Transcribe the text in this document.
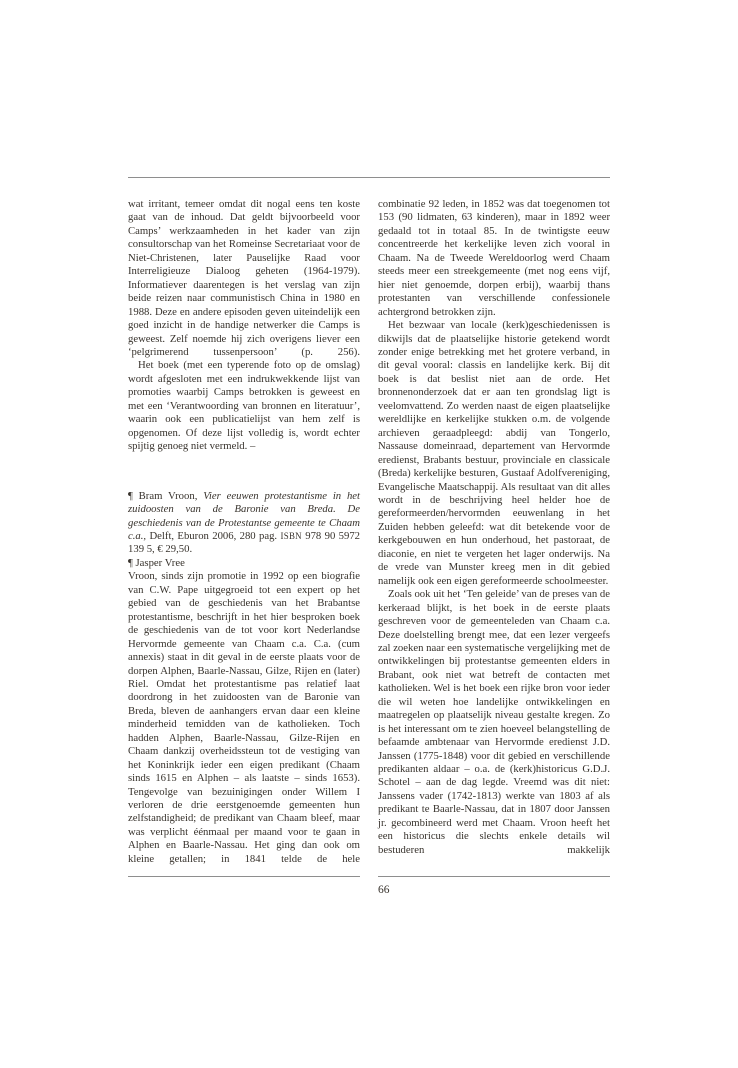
wat irritant, temeer omdat dit nogal eens ten koste gaat van de inhoud. Dat geldt bijvoorbeeld voor Camps’ werkzaamheden in het kader van zijn consultorschap van het Romeinse Secretariaat voor de Niet-Christenen, later Pauselijke Raad voor Interreligieuze Dialoog geheten (1964-1979). Informatiever daarentegen is het verslag van zijn beide reizen naar communistisch China in 1980 en 1988. Deze en andere episoden geven uiteindelijk een goed inzicht in de handige netwerker die Camps is geweest. Zelf noemde hij zich overigens liever een ‘pelgrimerend tussenpersoon’ (p. 256).

Het boek (met een typerende foto op de omslag) wordt afgesloten met een indrukwekkende lijst van promoties waarbij Camps betrokken is geweest en met een ‘Verantwoording van bronnen en literatuur’, waarin ook een publicatielijst van hem zelf is opgenomen. Of deze lijst volledig is, wordt echter spijtig genoeg niet vermeld. –

¶ Bram Vroon, Vier eeuwen protestantisme in het zuidoosten van de Baronie van Breda. De geschiedenis van de Protestantse gemeente te Chaam c.a., Delft, Eburon 2006, 280 pag. ISBN 978 90 5972 139 5, € 29,50.

¶ Jasper Vree

Vroon, sinds zijn promotie in 1992 op een biografie van C.W. Pape uitgegroeid tot een expert op het gebied van de geschiedenis van het Brabantse protestantisme, beschrijft in het hier besproken boek de geschiedenis van de tot voor kort Nederlandse Hervormde gemeente van Chaam c.a. C.a. (cum annexis) staat in dit geval in de eerste plaats voor de dorpen Alphen, Baarle-Nassau, Gilze, Rijen en (later) Riel. Omdat het protestantisme pas relatief laat doordrong in het zuidoosten van de Baronie van Breda, bleven de aanhangers ervan daar een kleine minderheid temidden van de katholieken. Toch hadden Alphen, Baarle-Nassau, Gilze-Rijen en Chaam dankzij overheidssteun tot de vestiging van het Koninkrijk ieder een eigen predikant (Chaam sinds 1615 en Alphen – als laatste – sinds 1653). Tengevolge van bezuinigingen onder Willem I verloren de drie eerstgenoemde gemeenten hun zelfstandigheid; de predikant van Chaam bleef, maar was verplicht éénmaal per maand voor te gaan in Alphen en Baarle-Nassau. Het ging dan ook om kleine getallen; in 1841 telde de hele

combinatie 92 leden, in 1852 was dat toegenomen tot 153 (90 lidmaten, 63 kinderen), maar in 1892 weer gedaald tot in totaal 85. In de twintigste eeuw concentreerde het kerkelijke leven zich vooral in Chaam. Na de Tweede Wereldoorlog werd Chaam steeds meer een streekgemeente (met nog eens vijf, hier niet genoemde, dorpen erbij), waarbij thans protestanten van verschillende confessionele achtergrond betrokken zijn.

Het bezwaar van locale (kerk)geschiedenissen is dikwijls dat de plaatselijke historie getekend wordt zonder enige betrekking met het grotere verband, in dit geval vooral: classis en landelijke kerk. Bij dit boek is dat beslist niet aan de orde. Het bronnenonderzoek dat er aan ten grondslag ligt is veelomvattend. Zo werden naast de eigen plaatselijke wereldlijke en kerkelijke stukken o.m. de volgende archieven geraadpleegd: abdij van Tongerlo, Nassause domeinraad, departement van Hervormde eredienst, Brabants bestuur, provinciale en classicale (Breda) kerkelijke besturen, Gustaaf Adolfvereniging, Evangelische Maatschappij. Als resultaat van dit alles wordt in de beschrijving heel helder hoe de gereformeerden/hervormden eeuwenlang in het Zuiden hebben geleefd: wat dit betekende voor de kerkgebouwen en hun onderhoud, het pastoraat, de diaconie, en niet te vergeten het lager onderwijs. Na de vrede van Munster kreeg men in dit gebied namelijk ook een eigen gereformeerde schoolmeester.

Zoals ook uit het ‘Ten geleide’ van de preses van de kerkeraad blijkt, is het boek in de eerste plaats geschreven voor de gemeenteleden van Chaam c.a. Deze doelstelling brengt mee, dat een lezer vergeefs zal zoeken naar een systematische vergelijking met de ontwikkelingen bij protestantse gemeenten elders in Brabant, ook niet wat betreft de contacten met katholieken. Wel is het boek een rijke bron voor ieder die wil weten hoe landelijke ontwikkelingen en maatregelen op plaatselijk niveau gestalte kregen. Zo is het interessant om te zien hoeveel belangstelling de befaamde ambtenaar van Hervormde eredienst J.D. Janssen (1775-1848) voor dit gebied en verschillende predikanten aldaar – o.a. de (kerk)historicus G.D.J. Schotel – aan de dag legde. Vreemd was dit niet: Janssens vader (1742-1813) werkte van 1803 af als predikant te Baarle-Nassau, dat in 1807 door Janssen jr. gecombineerd werd met Chaam. Vroon heeft het een historicus die slechts enkele details wil bestuderen makkelijk

66
